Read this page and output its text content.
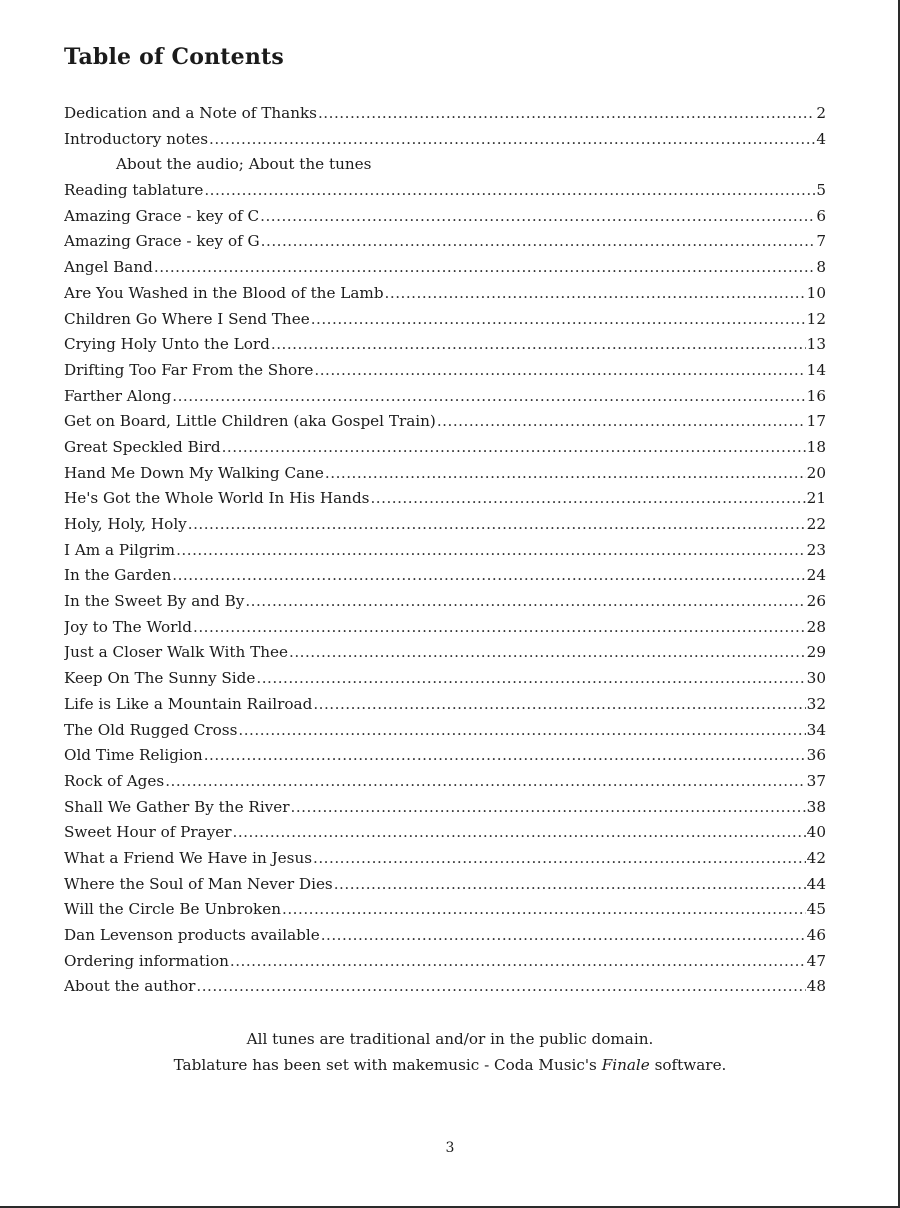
Table of Contents
Dedication and a Note of Thanks .....	2
Introductory notes .....	4
About the audio; About the tunes
Reading tablature .....	5
Amazing Grace - key of C .....	6
Amazing Grace - key of G .....	7
Angel Band .....	8
Are You Washed in the Blood of the Lamb .....	10
Children Go Where I Send Thee .....	12
Crying Holy Unto the Lord .....	13
Drifting Too Far From the Shore .....	14
Farther Along .....	16
Get on Board, Little Children (aka Gospel Train) .....	17
Great Speckled Bird .....	18
Hand Me Down My Walking Cane .....	20
He's Got the Whole World In His Hands .....	21
Holy, Holy, Holy .....	22
I Am a Pilgrim .....	23
In the Garden .....	24
In the Sweet By and By .....	26
Joy to The World .....	28
Just a Closer Walk With Thee .....	29
Keep On The Sunny Side .....	30
Life is Like a Mountain Railroad .....	32
The Old Rugged Cross .....	34
Old Time Religion .....	36
Rock of Ages .....	37
Shall We Gather By the River .....	38
Sweet Hour of Prayer .....	40
What a Friend We Have in Jesus .....	42
Where the Soul of Man Never Dies .....	44
Will the Circle Be Unbroken .....	45
Dan Levenson products available .....	46
Ordering information .....	47
About the author .....	48

All tunes are traditional and/or in the public domain.

Tablature has been set with makemusic - Coda Music's Finale software.

3
